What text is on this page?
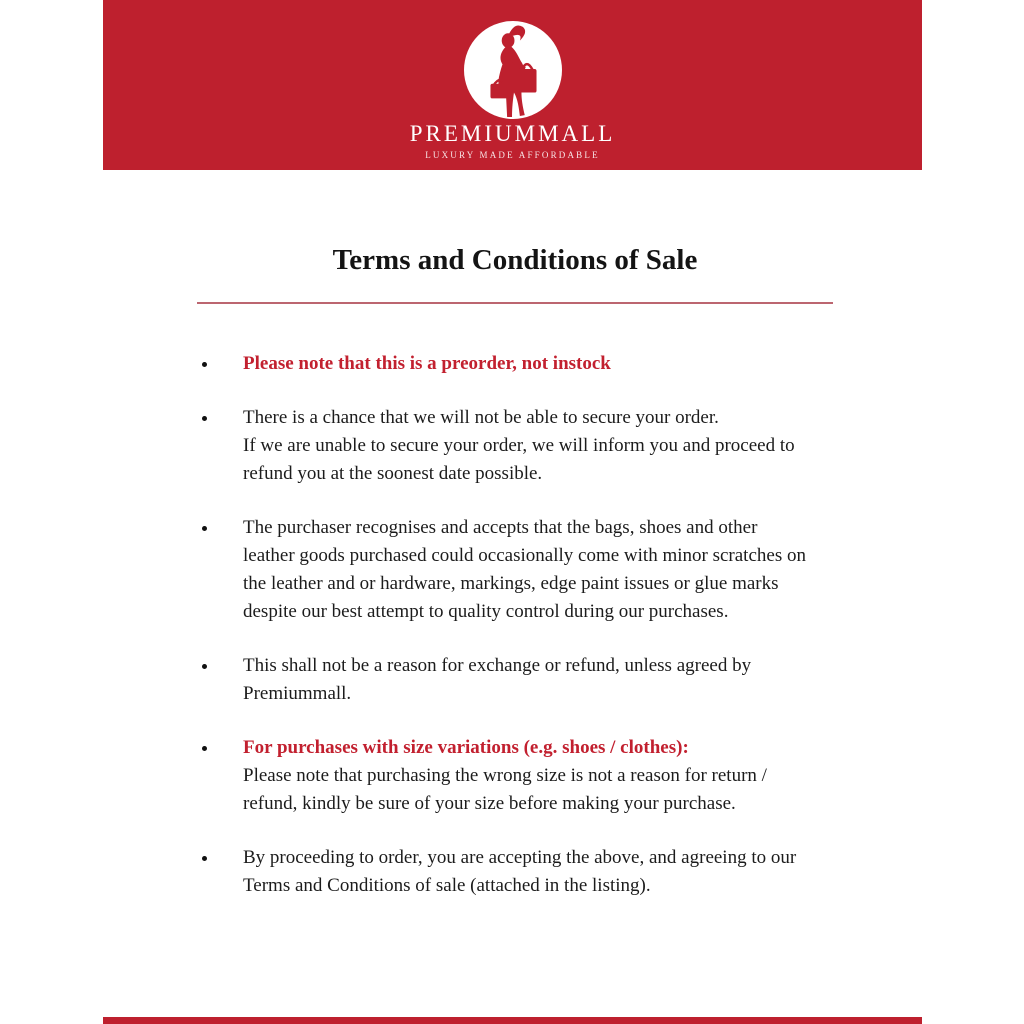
PREMIUMMALL
LUXURY MADE AFFORDABLE
Terms and Conditions of Sale
Please note that this is a preorder, not instock
There is a chance that we will not be able to secure your order.
If we are unable to secure your order, we will inform you and proceed to
refund you at the soonest date possible.
The purchaser recognises and accepts that the bags, shoes and other
leather goods purchased could occasionally come with minor scratches on
the leather and or hardware, markings, edge paint issues or glue marks
despite our best attempt to quality control during our purchases.
This shall not be a reason for exchange or refund, unless agreed by
Premiummall.
For purchases with size variations (e.g. shoes / clothes):
Please note that purchasing the wrong size is not a reason for return /
refund, kindly be sure of your size before making your purchase.
By proceeding to order, you are accepting the above, and agreeing to our
Terms and Conditions of sale (attached in the listing).
